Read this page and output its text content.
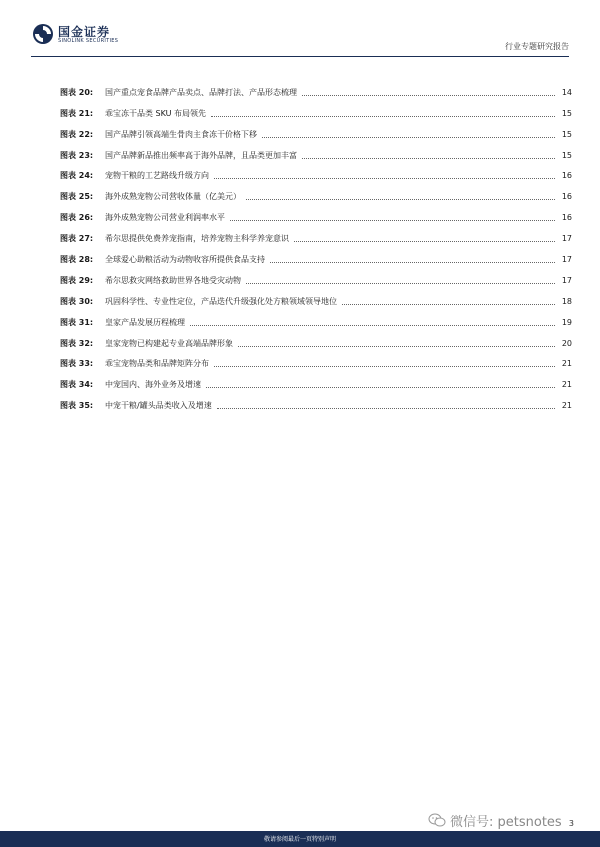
国金证券
SINOLINK SECURITIES
行业专题研究报告
图表 20:	国产重点宠食品牌产品卖点、品牌打法、产品形态梳理	14
图表 21:	乖宝冻干品类 SKU 布局领先	15
图表 22:	国产品牌引领高端生骨肉主食冻干价格下移	15
图表 23:	国产品牌新品推出频率高于海外品牌，且品类更加丰富	15
图表 24:	宠物干粮的工艺路线升级方向	16
图表 25:	海外成熟宠物公司营收体量（亿美元）	16
图表 26:	海外成熟宠物公司营业利润率水平	16
图表 27:	希尔思提供免费养宠指南，培养宠物主科学养宠意识	17
图表 28:	全球爱心助粮活动为动物收容所提供食品支持	17
图表 29:	希尔思救灾网络救助世界各地受灾动物	17
图表 30:	巩固科学性、专业性定位，产品迭代升级强化处方粮领域领导地位	18
图表 31:	皇家产品发展历程梳理	19
图表 32:	皇家宠物已构建起专业高端品牌形象	20
图表 33:	乖宝宠物品类和品牌矩阵分布	21
图表 34:	中宠国内、海外业务及增速	21
图表 35:	中宠干粮/罐头品类收入及增速	21
微信号: petsnotes 3
敬请参阅最后一页特别声明
